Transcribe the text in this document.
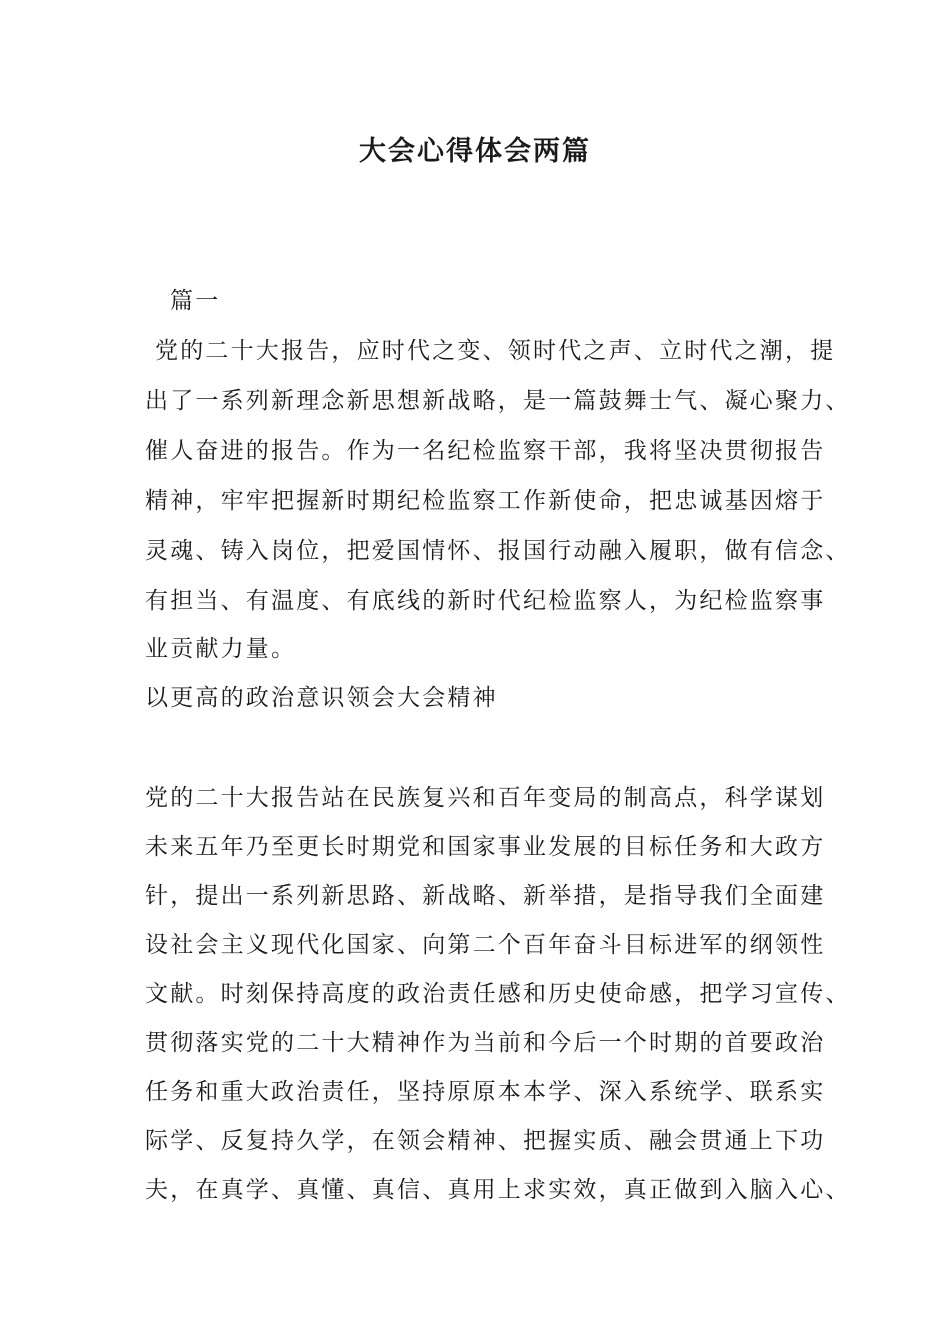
大会心得体会两篇
篇一
党的二十大报告，应时代之变、领时代之声、立时代之潮，提
出了一系列新理念新思想新战略，是一篇鼓舞士气、凝心聚力、
催人奋进的报告。作为一名纪检监察干部，我将坚决贯彻报告
精神，牢牢把握新时期纪检监察工作新使命，把忠诚基因熔于
灵魂、铸入岗位，把爱国情怀、报国行动融入履职，做有信念、
有担当、有温度、有底线的新时代纪检监察人，为纪检监察事
业贡献力量。
以更高的政治意识领会大会精神
党的二十大报告站在民族复兴和百年变局的制高点，科学谋划
未来五年乃至更长时期党和国家事业发展的目标任务和大政方
针，提出一系列新思路、新战略、新举措，是指导我们全面建
设社会主义现代化国家、向第二个百年奋斗目标进军的纲领性
文献。时刻保持高度的政治责任感和历史使命感，把学习宣传、
贯彻落实党的二十大精神作为当前和今后一个时期的首要政治
任务和重大政治责任，坚持原原本本学、深入系统学、联系实
际学、反复持久学，在领会精神、把握实质、融会贯通上下功
夫，在真学、真懂、真信、真用上求实效，真正做到入脑入心、
